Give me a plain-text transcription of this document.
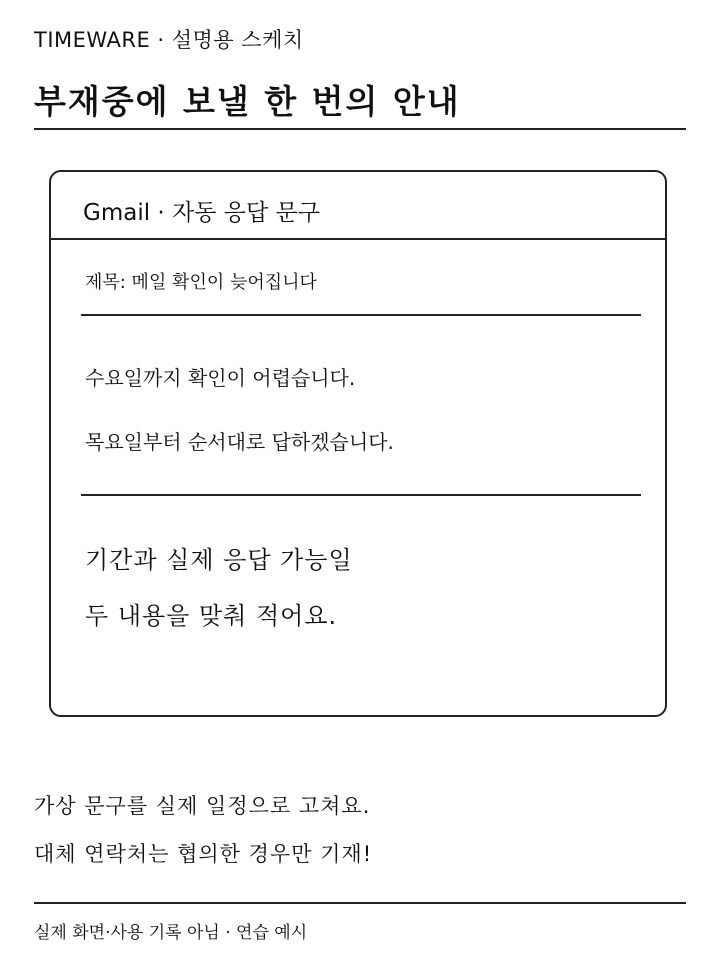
TIMEWARE · 설명용 스케치
부재중에 보낼 한 번의 안내
Gmail · 자동 응답 문구
제목: 메일 확인이 늦어집니다
수요일까지 확인이 어렵습니다.
목요일부터 순서대로 답하겠습니다.
기간과 실제 응답 가능일
두 내용을 맞춰 적어요.
가상 문구를 실제 일정으로 고쳐요.
대체 연락처는 협의한 경우만 기재!
실제 화면·사용 기록 아님 · 연습 예시
